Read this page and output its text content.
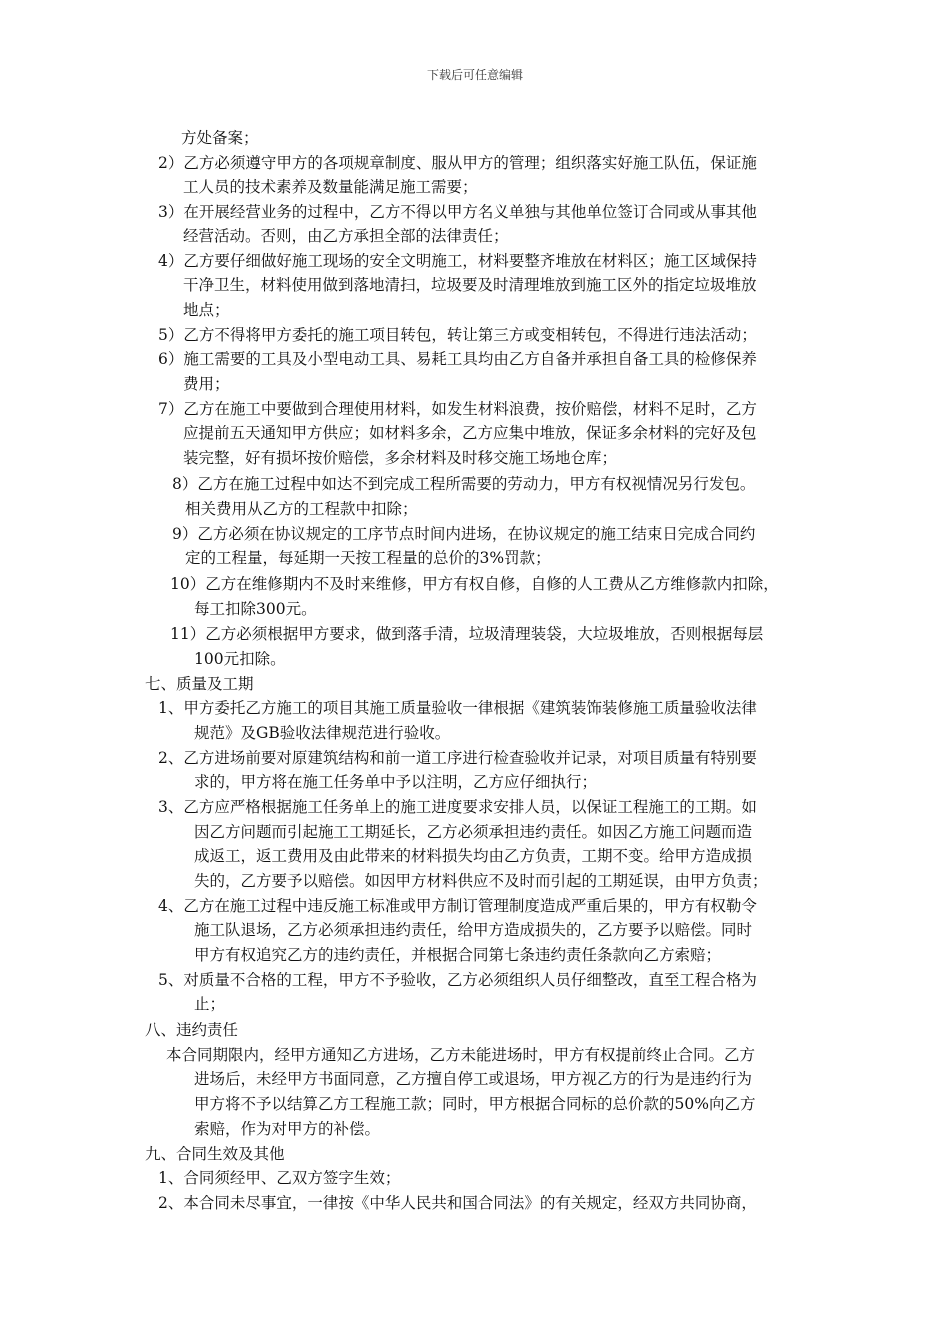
下载后可任意编辑
方处备案；
2）乙方必须遵守甲方的各项规章制度、服从甲方的管理；组织落实好施工队伍，保证施
工人员的技术素养及数量能满足施工需要；
3）在开展经营业务的过程中，乙方不得以甲方名义单独与其他单位签订合同或从事其他
经营活动。否则，由乙方承担全部的法律责任；
4）乙方要仔细做好施工现场的安全文明施工，材料要整齐堆放在材料区；施工区域保持
干净卫生，材料使用做到落地清扫，垃圾要及时清理堆放到施工区外的指定垃圾堆放
地点；
5）乙方不得将甲方委托的施工项目转包，转让第三方或变相转包，不得进行违法活动；
6）施工需要的工具及小型电动工具、易耗工具均由乙方自备并承担自备工具的检修保养
费用；
7）乙方在施工中要做到合理使用材料，如发生材料浪费，按价赔偿，材料不足时，乙方
应提前五天通知甲方供应；如材料多余，乙方应集中堆放，保证多余材料的完好及包
装完整，好有损坏按价赔偿，多余材料及时移交施工场地仓库；
8）乙方在施工过程中如达不到完成工程所需要的劳动力，甲方有权视情况另行发包。
相关费用从乙方的工程款中扣除；
9）乙方必须在协议规定的工序节点时间内进场，在协议规定的施工结束日完成合同约
定的工程量，每延期一天按工程量的总价的3%罚款；
10）乙方在维修期内不及时来维修，甲方有权自修，自修的人工费从乙方维修款内扣除，
每工扣除300元。
11）乙方必须根据甲方要求，做到落手清，垃圾清理装袋，大垃圾堆放，否则根据每层
100元扣除。
七、质量及工期
1、甲方委托乙方施工的项目其施工质量验收一律根据《建筑装饰装修施工质量验收法律
规范》及GB验收法律规范进行验收。
2、乙方进场前要对原建筑结构和前一道工序进行检查验收并记录，对项目质量有特别要
求的，甲方将在施工任务单中予以注明，乙方应仔细执行；
3、乙方应严格根据施工任务单上的施工进度要求安排人员，以保证工程施工的工期。如
因乙方问题而引起施工工期延长，乙方必须承担违约责任。如因乙方施工问题而造
成返工，返工费用及由此带来的材料损失均由乙方负责，工期不变。给甲方造成损
失的，乙方要予以赔偿。如因甲方材料供应不及时而引起的工期延误，由甲方负责；
4、乙方在施工过程中违反施工标准或甲方制订管理制度造成严重后果的，甲方有权勒令
施工队退场，乙方必须承担违约责任，给甲方造成损失的，乙方要予以赔偿。同时
甲方有权追究乙方的违约责任，并根据合同第七条违约责任条款向乙方索赔；
5、对质量不合格的工程，甲方不予验收，乙方必须组织人员仔细整改，直至工程合格为
止；
八、违约责任
本合同期限内，经甲方通知乙方进场，乙方未能进场时，甲方有权提前终止合同。乙方
进场后，未经甲方书面同意，乙方擅自停工或退场，甲方视乙方的行为是违约行为
甲方将不予以结算乙方工程施工款；同时，甲方根据合同标的总价款的50%向乙方
索赔，作为对甲方的补偿。
九、合同生效及其他
1、合同须经甲、乙双方签字生效；
2、本合同未尽事宜，一律按《中华人民共和国合同法》的有关规定，经双方共同协商，
